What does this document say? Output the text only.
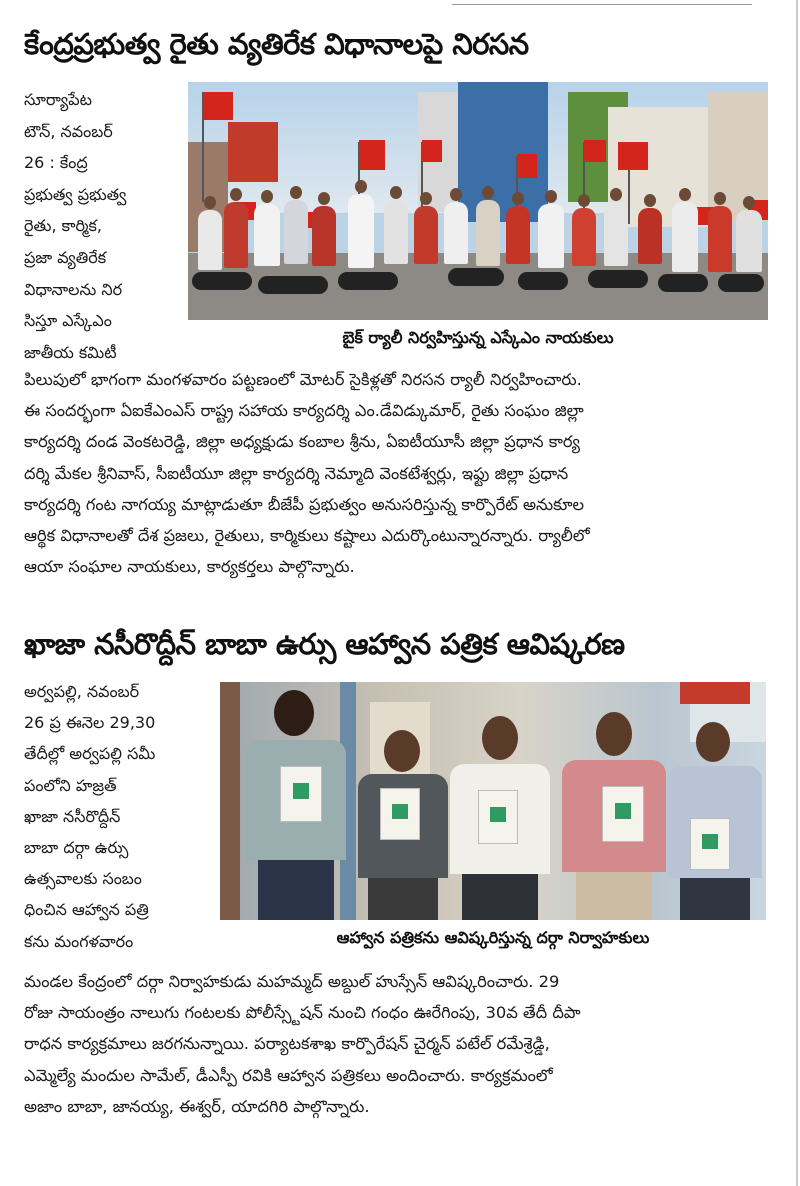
కేంద్రప్రభుత్వ రైతు వ్యతిరేక విధానాలపై నిరసన

సూర్యాపేట
టౌన్, నవంబర్
26 : కేంద్ర
ప్రభుత్వ ప్రభుత్వ
రైతు, కార్మిక,
ప్రజా వ్యతిరేక
విధానాలను నిర
సిస్తూ ఎస్కేఎం
జాతీయ కమిటీ

బైక్ ర్యాలీ నిర్వహిస్తున్న ఎస్కేఎం నాయకులు

పిలుపులో భాగంగా మంగళవారం పట్టణంలో మోటర్ సైకిళ్లతో నిరసన ర్యాలీ నిర్వహించారు.
ఈ సందర్భంగా ఏఐకేఎంఎస్ రాష్ట్ర సహాయ కార్యదర్శి ఎం.డేవిడ్కుమార్, రైతు సంఘం జిల్లా
కార్యదర్శి దండ వెంకటరెడ్డి, జిల్లా అధ్యక్షుడు కంబాల శ్రీను, ఏఐటీయూసీ జిల్లా ప్రధాన కార్య
దర్శి మేకల శ్రీనివాస్, సీఐటీయూ జిల్లా కార్యదర్శి నెమ్మాది వెంకటేశ్వర్లు, ఇఫ్టు జిల్లా ప్రధాన
కార్యదర్శి గంట నాగయ్య మాట్లాడుతూ బీజేపీ ప్రభుత్వం అనుసరిస్తున్న కార్పొరేట్ అనుకూల
ఆర్థిక విధానాలతో దేశ ప్రజలు, రైతులు, కార్మికులు కష్టాలు ఎదుర్కొంటున్నారన్నారు. ర్యాలీలో
ఆయా సంఘాల నాయకులు, కార్యకర్తలు పాల్గొన్నారు.

ఖాజా నసీరొద్దీన్ బాబా ఉర్సు ఆహ్వాన పత్రిక ఆవిష్కరణ

అర్వపల్లి, నవంబర్
26 ప్ర ఈనెల 29,30
తేదీల్లో అర్వపల్లి సమీ
పంలోని హజ్రత్
ఖాజా నసీరొద్దీన్
బాబా దర్గా ఉర్సు
ఉత్సవాలకు సంబం
ధించిన ఆహ్వాన పత్రి
కను మంగళవారం	ఆహ్వాన పత్రికను ఆవిష్కరిస్తున్న దర్గా నిర్వాహకులు

మండల కేంద్రంలో దర్గా నిర్వాహకుడు మహమ్మద్ అబ్దుల్ హుస్సేన్ ఆవిష్కరించారు. 29
రోజు సాయంత్రం నాలుగు గంటలకు పోలీస్స్టేషన్ నుంచి గంధం ఊరేగింపు, 30వ తేదీ దీపా
రాధన కార్యక్రమాలు జరగనున్నాయి. పర్యాటకశాఖ కార్పొరేషన్ చైర్మన్ పటేల్ రమేశ్రెడ్డి,
ఎమ్మెల్యే మందుల సామేల్, డీఎస్పీ రవికి ఆహ్వాన పత్రికలు అందించారు. కార్యక్రమంలో
అజాం బాబా, జానయ్య, ఈశ్వర్, యాదగిరి పాల్గొన్నారు.
